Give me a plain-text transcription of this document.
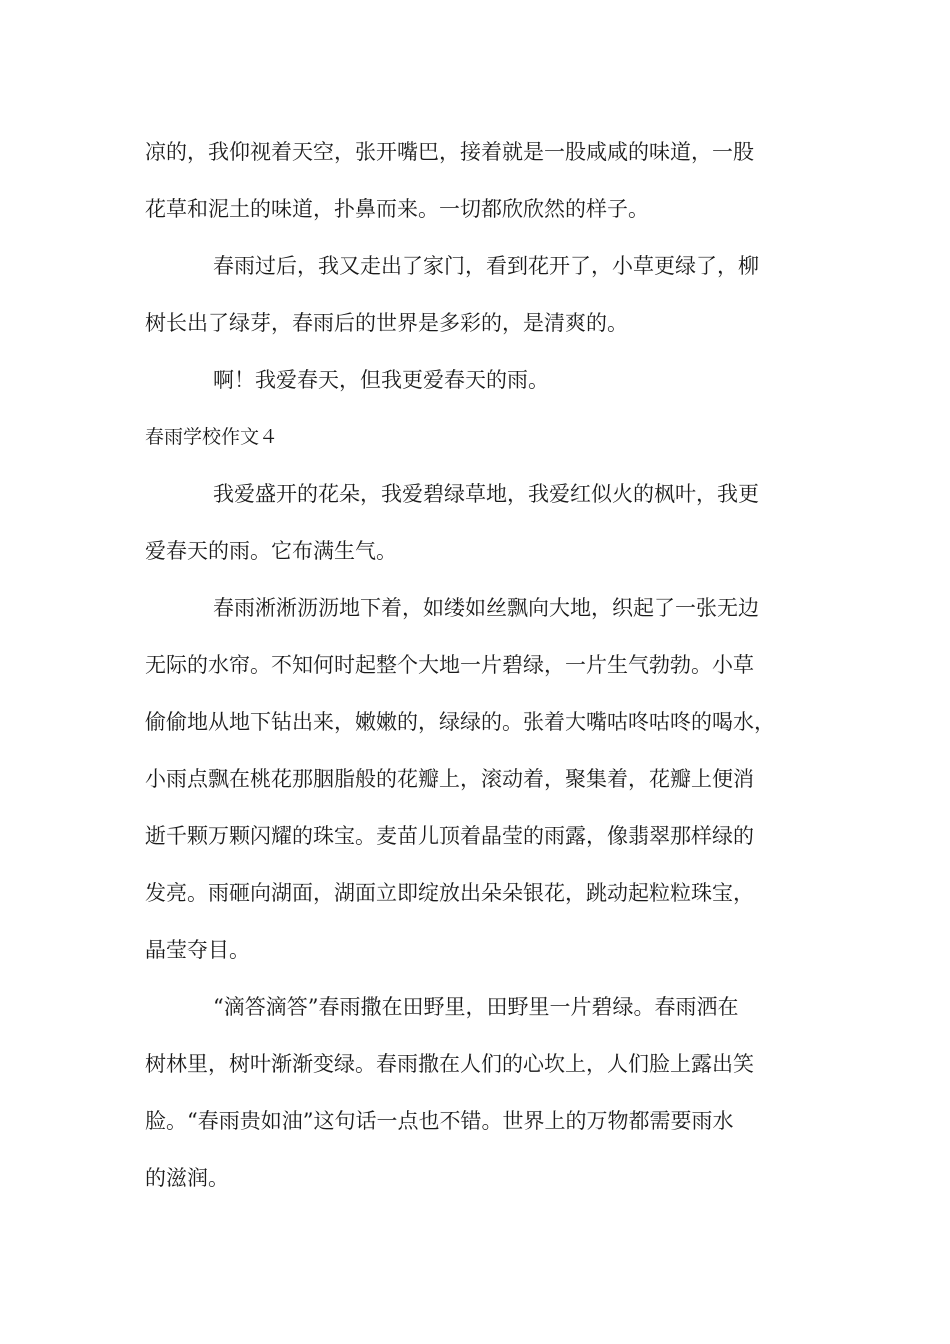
凉的，我仰视着天空，张开嘴巴，接着就是一股咸咸的味道，一股

花草和泥土的味道，扑鼻而来。一切都欣欣然的样子。

春雨过后，我又走出了家门，看到花开了，小草更绿了，柳

树长出了绿芽，春雨后的世界是多彩的，是清爽的。

啊！我爱春天，但我更爱春天的雨。

春雨学校作文４

我爱盛开的花朵，我爱碧绿草地，我爱红似火的枫叶，我更

爱春天的雨。它布满生气。

春雨淅淅沥沥地下着，如缕如丝飘向大地，织起了一张无边

无际的水帘。不知何时起整个大地一片碧绿，一片生气勃勃。小草

偷偷地从地下钻出来，嫩嫩的，绿绿的。张着大嘴咕咚咕咚的喝水，

小雨点飘在桃花那胭脂般的花瓣上，滚动着，聚集着，花瓣上便消

逝千颗万颗闪耀的珠宝。麦苗儿顶着晶莹的雨露，像翡翠那样绿的

发亮。雨砸向湖面，湖面立即绽放出朵朵银花，跳动起粒粒珠宝，

晶莹夺目。

“滴答滴答”春雨撒在田野里，田野里一片碧绿。春雨洒在

树林里，树叶渐渐变绿。春雨撒在人们的心坎上，人们脸上露出笑

脸。“春雨贵如油”这句话一点也不错。世界上的万物都需要雨水

的滋润。
